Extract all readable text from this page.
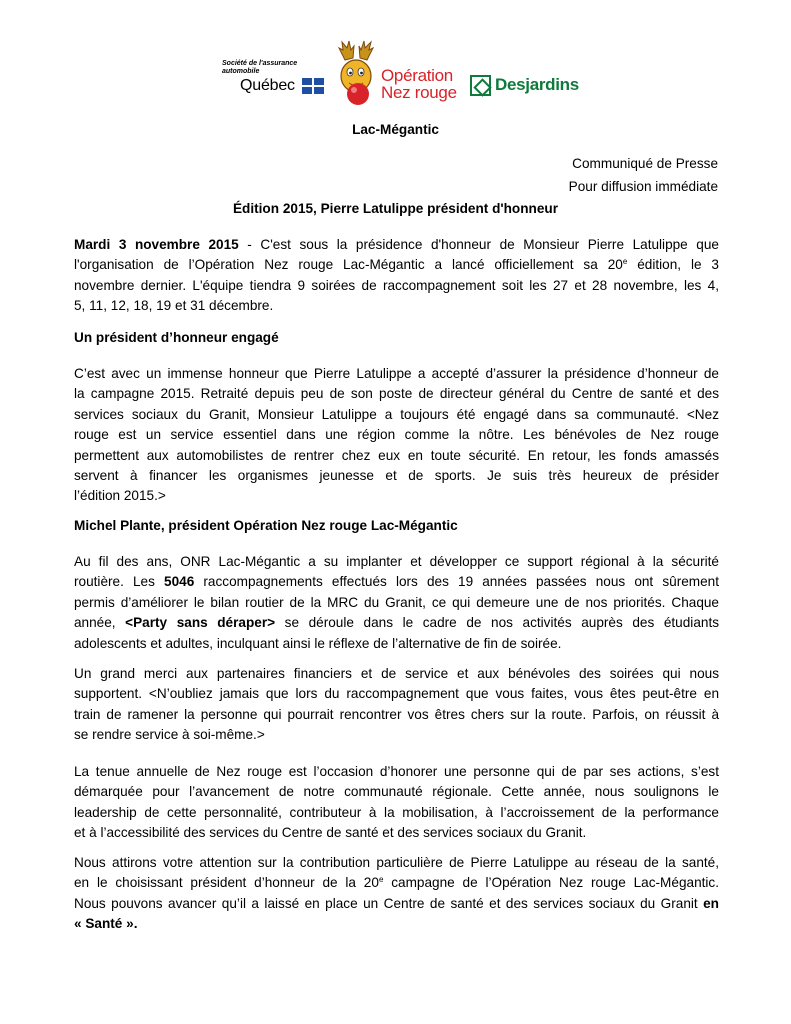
Société de l'assurance automobile
Québec
Opération
Nez rouge Desjardins
Lac-Mégantic
Communiqué de Presse
Pour diffusion immédiate
Édition 2015, Pierre Latulippe président d'honneur
Mardi 3 novembre 2015 - C'est sous la présidence d'honneur de Monsieur Pierre Latulippe que
l'organisation de l’Opération Nez rouge Lac-Mégantic a lancé officiellement sa 20e édition, le 3
novembre dernier. L'équipe tiendra 9 soirées de raccompagnement soit les 27 et 28 novembre, les 4,
5, 11, 12, 18, 19 et 31 décembre.
Un président d’honneur engagé
C’est avec un immense honneur que Pierre Latulippe a accepté d’assurer la présidence d’honneur de
la campagne 2015. Retraité depuis peu de son poste de directeur général du Centre de santé et des
services sociaux du Granit, Monsieur Latulippe a toujours été engagé dans sa communauté. <Nez
rouge est un service essentiel dans une région comme la nôtre. Les bénévoles de Nez rouge
permettent aux automobilistes de rentrer chez eux en toute sécurité. En retour, les fonds amassés
servent à financer les organismes jeunesse et de sports. Je suis très heureux de présider
l’édition 2015.>
Michel Plante, président Opération Nez rouge Lac-Mégantic
Au fil des ans, ONR Lac-Mégantic a su implanter et développer ce support régional à la sécurité
routière. Les 5046 raccompagnements effectués lors des 19 années passées nous ont sûrement
permis d’améliorer le bilan routier de la MRC du Granit, ce qui demeure une de nos priorités. Chaque
année, <Party sans déraper> se déroule dans le cadre de nos activités auprès des étudiants
adolescents et adultes, inculquant ainsi le réflexe de l’alternative de fin de soirée.
Un grand merci aux partenaires financiers et de service et aux bénévoles des soirées qui nous
supportent. <N’oubliez jamais que lors du raccompagnement que vous faites, vous êtes peut-être en
train de ramener la personne qui pourrait rencontrer vos êtres chers sur la route. Parfois, on réussit à
se rendre service à soi-même.>
La tenue annuelle de Nez rouge est l’occasion d’honorer une personne qui de par ses actions, s’est
démarquée pour l’avancement de notre communauté régionale. Cette année, nous soulignons le
leadership de cette personnalité, contributeur à la mobilisation, à l’accroissement de la performance
et à l’accessibilité des services du Centre de santé et des services sociaux du Granit.
Nous attirons votre attention sur la contribution particulière de Pierre Latulippe au réseau de la santé,
en le choisissant président d’honneur de la 20e campagne de l’Opération Nez rouge Lac-Mégantic.
Nous pouvons avancer qu’il a laissé en place un Centre de santé et des services sociaux du Granit en
« Santé ».
